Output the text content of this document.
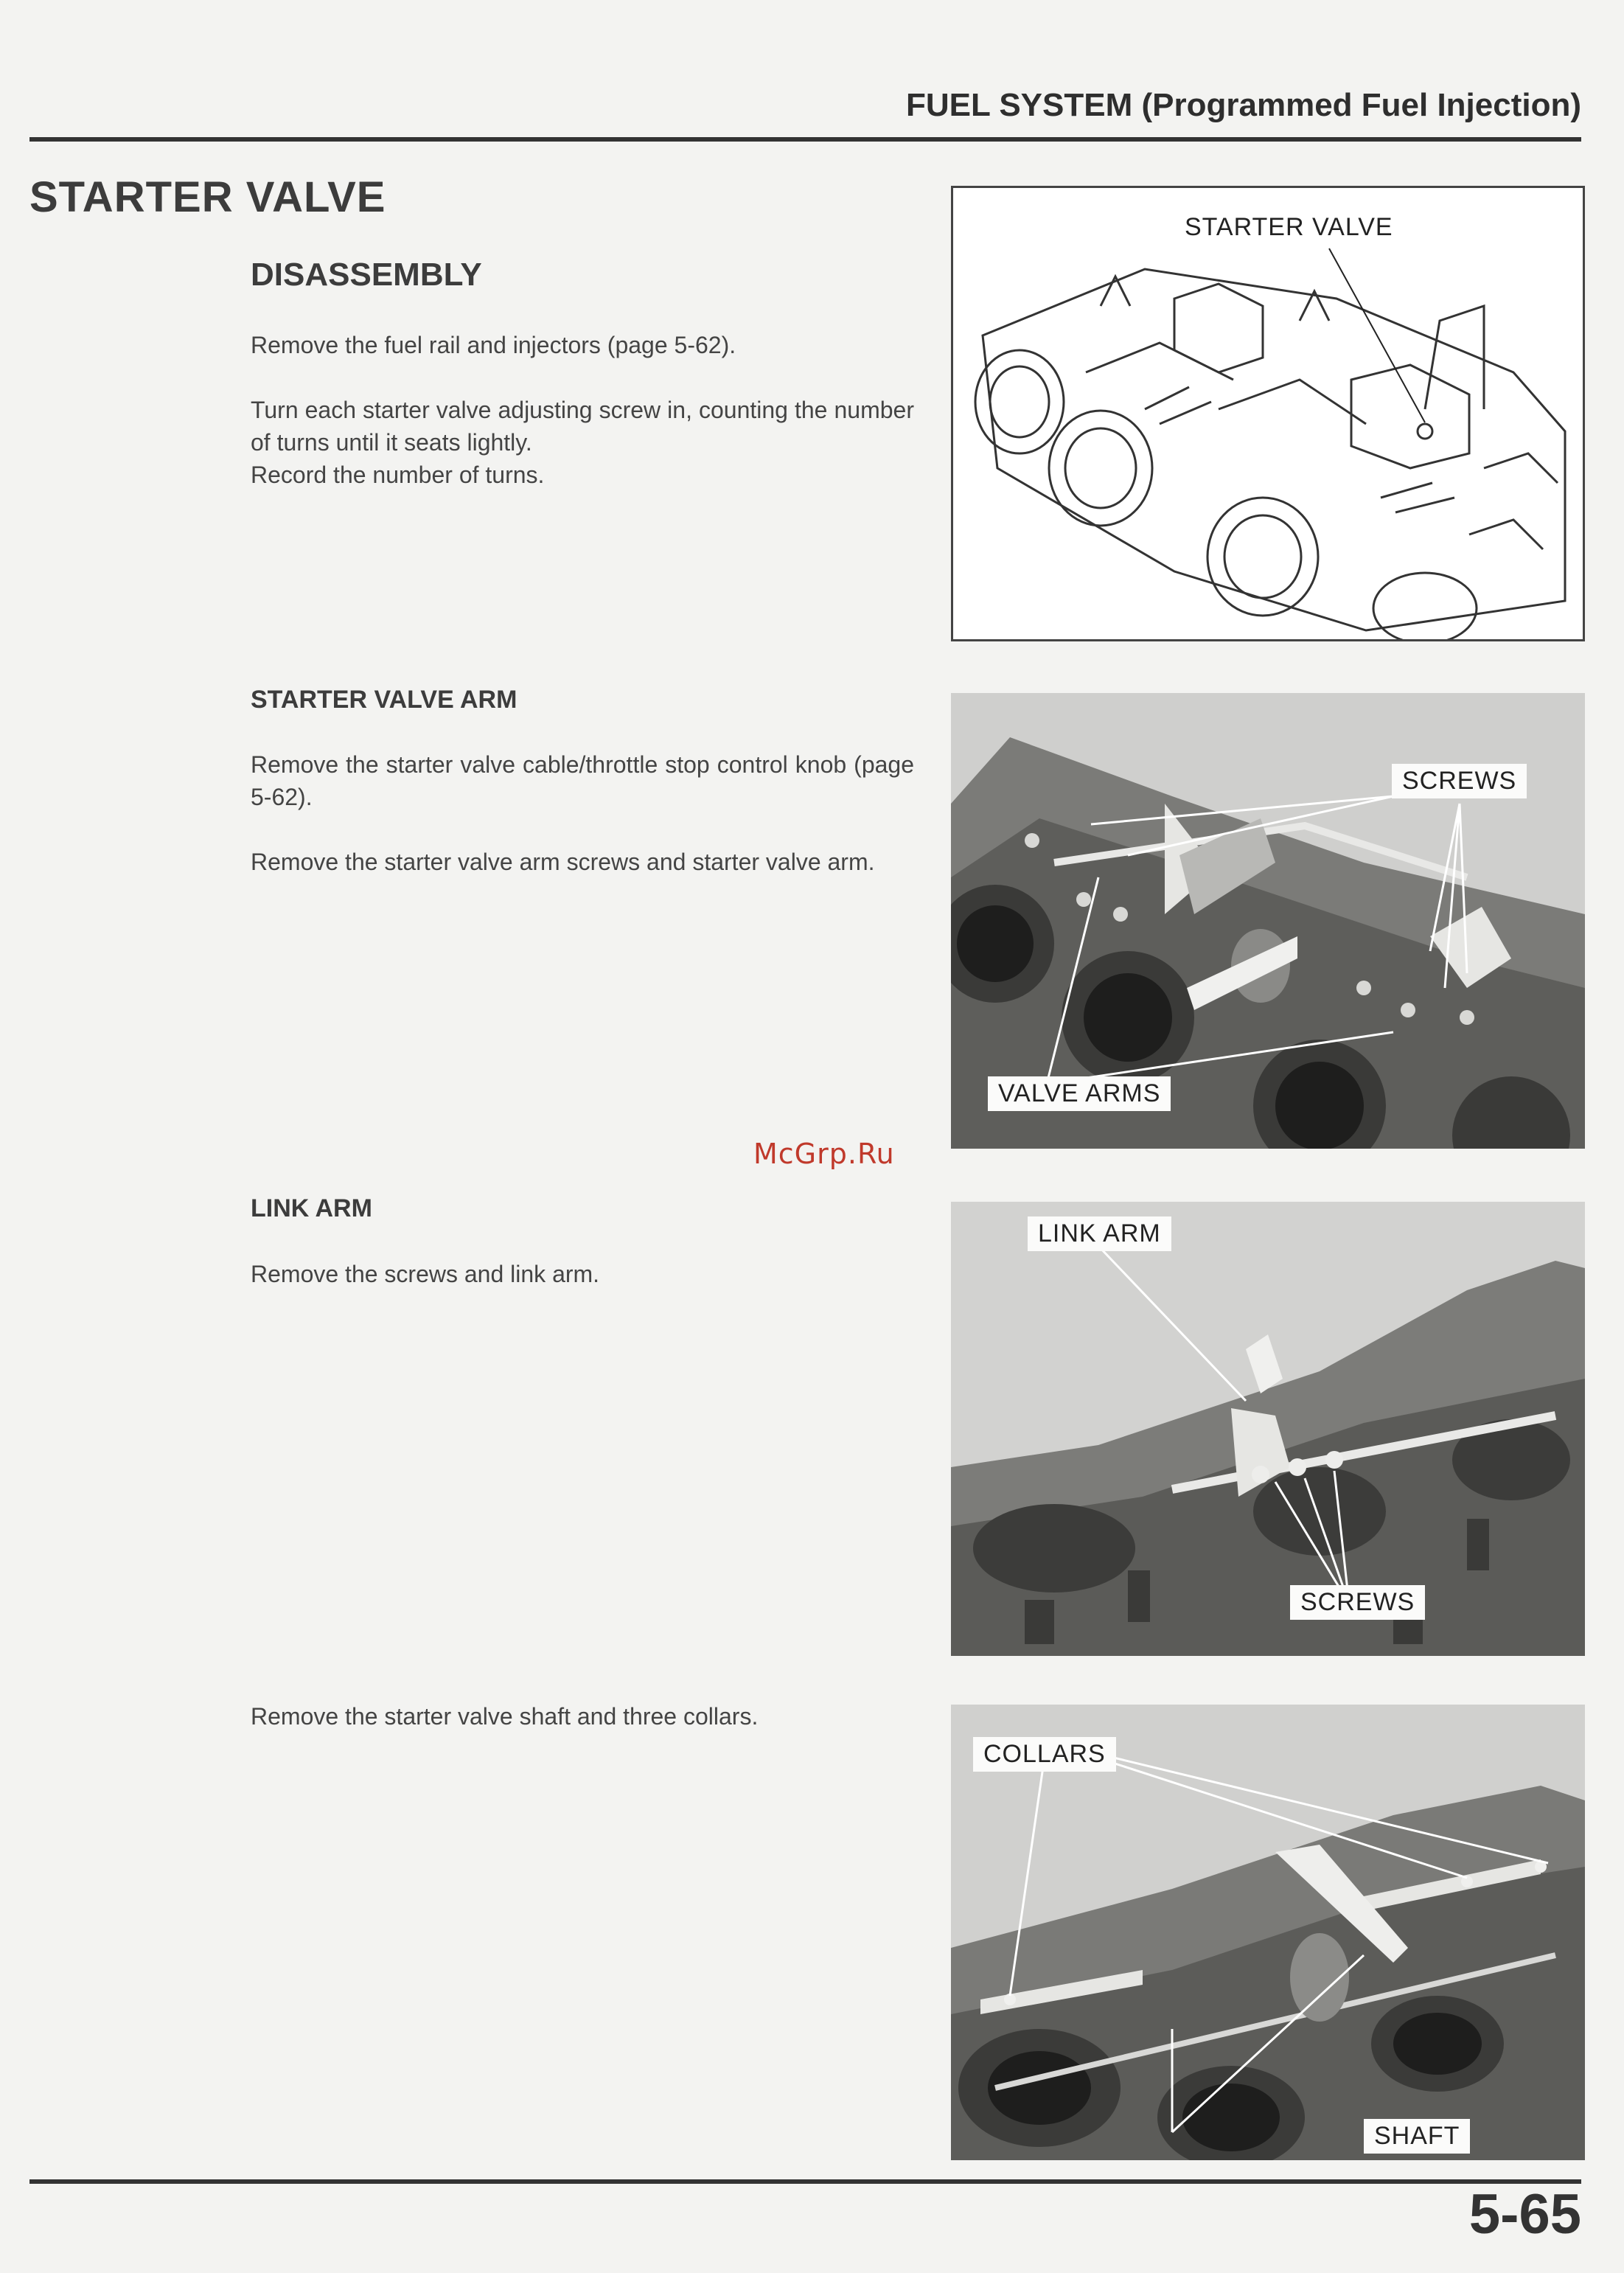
FUEL SYSTEM (Programmed Fuel Injection)
STARTER VALVE
DISASSEMBLY

Remove the fuel rail and injectors (page 5-62).

Turn each starter valve adjusting screw in, counting the number of turns until it seats lightly.

Record the number of turns.

STARTER VALVE
STARTER VALVE ARM

Remove the starter valve cable/throttle stop control knob (page 5-62).

Remove the starter valve arm screws and starter valve arm.

SCREWS
VALVE ARMS
McGrp.Ru
LINK ARM
Remove the screws and link arm.
LINK ARM
SCREWS
Remove the starter valve shaft and three collars.
COLLARS
SHAFT
5-65
